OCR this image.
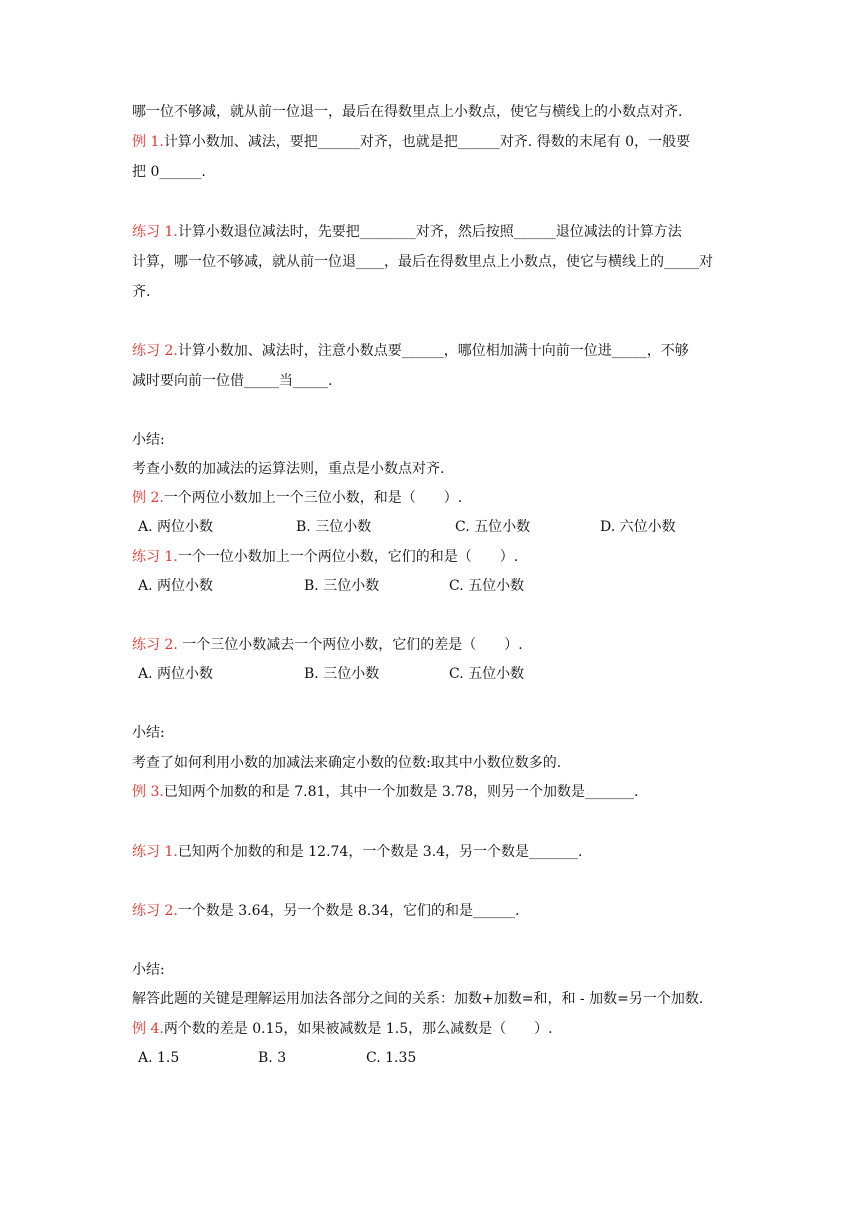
哪一位不够减，就从前一位退一，最后在得数里点上小数点，使它与横线上的小数点对齐.
例 1.计算小数加、减法，要把______对齐，也就是把______对齐. 得数的末尾有 0，一般要
把 0______.
练习 1.计算小数退位减法时，先要把________对齐，然后按照______退位减法的计算方法
计算，哪一位不够减，就从前一位退____，最后在得数里点上小数点，使它与横线上的_____对
齐.
练习 2.计算小数加、减法时，注意小数点要______，哪位相加满十向前一位进_____，不够
减时要向前一位借_____当_____.
小结:
考查小数的加减法的运算法则，重点是小数点对齐.
例 2.一个两位小数加上一个三位小数，和是（　　）.
A. 两位小数	B. 三位小数	C. 五位小数	D. 六位小数
练习 1.一个一位小数加上一个两位小数，它们的和是（　　）.
A. 两位小数	B. 三位小数	C. 五位小数
练习 2. 一个三位小数减去一个两位小数，它们的差是（　　）.
A. 两位小数	B. 三位小数	C. 五位小数
小结:
考查了如何利用小数的加减法来确定小数的位数:取其中小数位数多的.
例 3.已知两个加数的和是 7.81，其中一个加数是 3.78，则另一个加数是_______.
练习 1.已知两个加数的和是 12.74，一个数是 3.4，另一个数是_______.
练习 2.一个数是 3.64，另一个数是 8.34，它们的和是______.
小结:
解答此题的关键是理解运用加法各部分之间的关系：加数+加数=和，和 - 加数=另一个加数.
例 4.两个数的差是 0.15，如果被减数是 1.5，那么减数是（　　）.
A. 1.5	B. 3	C. 1.35
